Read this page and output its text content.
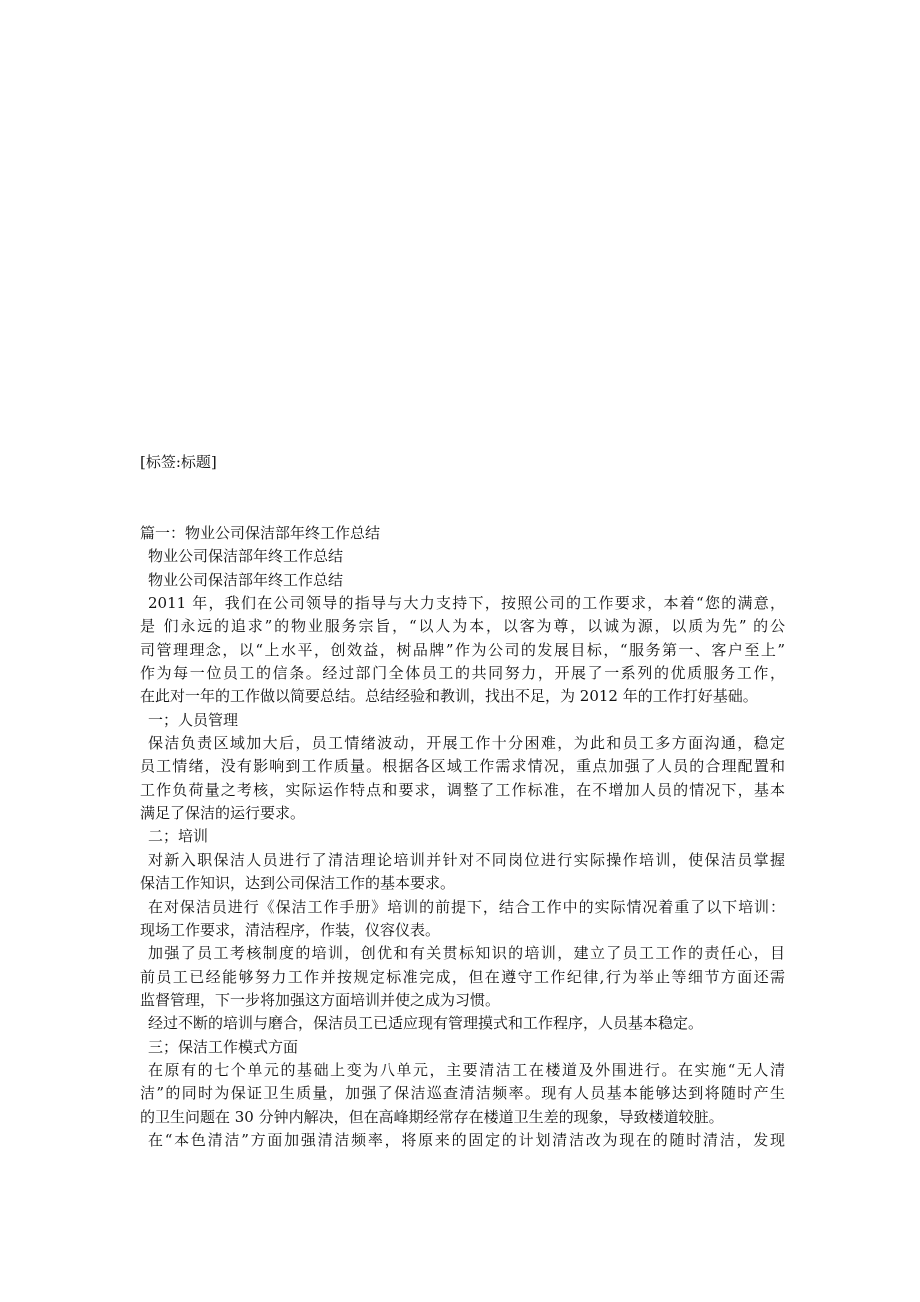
[标签:标题]

篇一：物业公司保洁部年终工作总结

物业公司保洁部年终工作总结

物业公司保洁部年终工作总结

2011 年，我们在公司领导的指导与大力支持下，按照公司的工作要求，本着“您的满意，

是 们永远的追求”的物业服务宗旨，“以人为本，以客为尊，以诚为源，以质为先” 的公

司管理理念，以“上水平，创效益，树品牌”作为公司的发展目标，“服务第一、客户至上”

作为每一位员工的信条。经过部门全体员工的共同努力，开展了一系列的优质服务工作，

在此对一年的工作做以简要总结。总结经验和教训，找出不足，为 2012 年的工作打好基础。

一；人员管理

保洁负责区域加大后，员工情绪波动，开展工作十分困难，为此和员工多方面沟通，稳定

员工情绪，没有影响到工作质量。根据各区域工作需求情况，重点加强了人员的合理配置和

工作负荷量之考核，实际运作特点和要求，调整了工作标准，在不增加人员的情况下，基本

满足了保洁的运行要求。

二；培训

对新入职保洁人员进行了清洁理论培训并针对不同岗位进行实际操作培训，使保洁员掌握

保洁工作知识，达到公司保洁工作的基本要求。

在对保洁员进行《保洁工作手册》培训的前提下，结合工作中的实际情况着重了以下培训：

现场工作要求，清洁程序，作装，仪容仪表。

加强了员工考核制度的培训，创优和有关贯标知识的培训，建立了员工工作的责任心，目

前员工已经能够努力工作并按规定标准完成，但在遵守工作纪律,行为举止等细节方面还需

监督管理，下一步将加强这方面培训并使之成为习惯。

经过不断的培训与磨合，保洁员工已适应现有管理摸式和工作程序，人员基本稳定。

三；保洁工作模式方面

在原有的七个单元的基础上变为八单元，主要清洁工在楼道及外围进行。在实施“无人清

洁”的同时为保证卫生质量，加强了保洁巡查清洁频率。现有人员基本能够达到将随时产生

的卫生问题在 30 分钟内解决，但在高峰期经常存在楼道卫生差的现象，导致楼道较脏。

在“本色清洁”方面加强清洁频率，将原来的固定的计划清洁改为现在的随时清洁，发现
